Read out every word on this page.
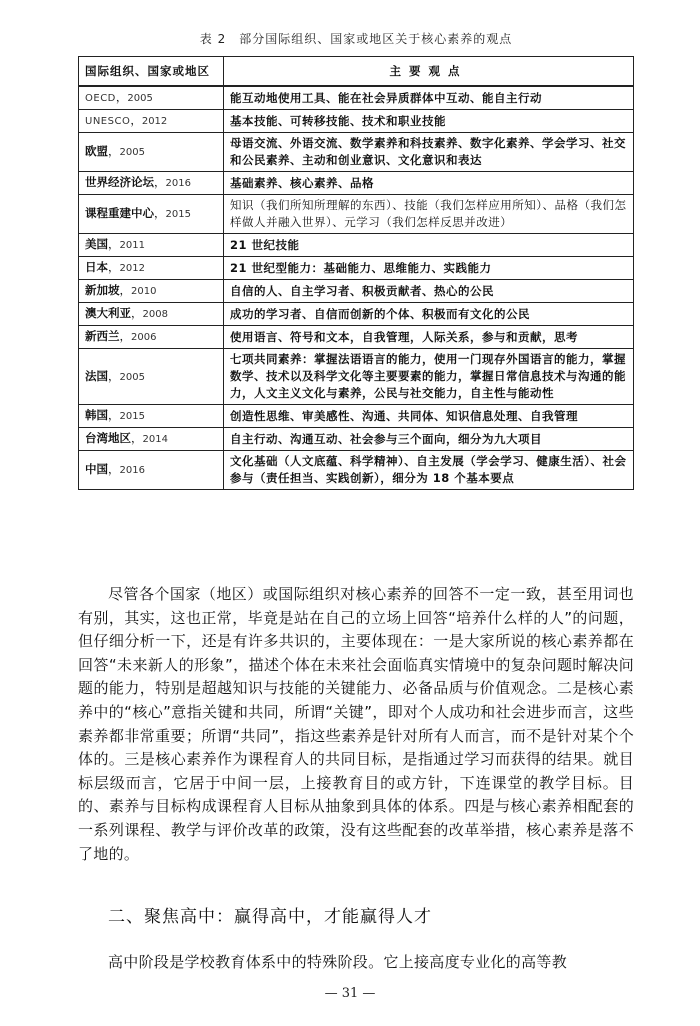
表 2　部分国际组织、国家或地区关于核心素养的观点
国际组织、国家或地区	主要观点
OECD，2005	能互动地使用工具、能在社会异质群体中互动、能自主行动
UNESCO，2012	基本技能、可转移技能、技术和职业技能
欧盟，2005	母语交流、外语交流、数学素养和科技素养、数字化素养、学会学习、社交和公民素养、主动和创业意识、文化意识和表达
世界经济论坛，2016	基础素养、核心素养、品格
课程重建中心，2015	知识（我们所知所理解的东西）、技能（我们怎样应用所知）、品格（我们怎样做人并融入世界）、元学习（我们怎样反思并改进）
美国，2011	21 世纪技能
日本，2012	21 世纪型能力：基础能力、思维能力、实践能力
新加坡，2010	自信的人、自主学习者、积极贡献者、热心的公民
澳大利亚，2008	成功的学习者、自信而创新的个体、积极而有文化的公民
新西兰，2006	使用语言、符号和文本，自我管理，人际关系，参与和贡献，思考
法国，2005	七项共同素养：掌握法语语言的能力，使用一门现存外国语言的能力，掌握数学、技术以及科学文化等主要要素的能力，掌握日常信息技术与沟通的能力，人文主义文化与素养，公民与社交能力，自主性与能动性
韩国，2015	创造性思维、审美感性、沟通、共同体、知识信息处理、自我管理
台湾地区，2014	自主行动、沟通互动、社会参与三个面向，细分为九大项目
中国，2016	文化基础（人文底蕴、科学精神）、自主发展（学会学习、健康生活）、社会参与（责任担当、实践创新），细分为 18 个基本要点

尽管各个国家（地区）或国际组织对核心素养的回答不一定一致，甚至用词也有别，其实，这也正常，毕竟是站在自己的立场上回答“培养什么样的人”的问题，但仔细分析一下，还是有许多共识的，主要体现在：一是大家所说的核心素养都在回答“未来新人的形象”，描述个体在未来社会面临真实情境中的复杂问题时解决问题的能力，特别是超越知识与技能的关键能力、必备品质与价值观念。二是核心素养中的“核心”意指关键和共同，所谓“关键”，即对个人成功和社会进步而言，这些素养都非常重要；所谓“共同”，指这些素养是针对所有人而言，而不是针对某个个体的。三是核心素养作为课程育人的共同目标，是指通过学习而获得的结果。就目标层级而言，它居于中间一层，上接教育目的或方针，下连课堂的教学目标。目的、素养与目标构成课程育人目标从抽象到具体的体系。四是与核心素养相配套的一系列课程、教学与评价改革的政策，没有这些配套的改革举措，核心素养是落不了地的。

二、聚焦高中：赢得高中，才能赢得人才

高中阶段是学校教育体系中的特殊阶段。它上接高度专业化的高等教

— 31 —
